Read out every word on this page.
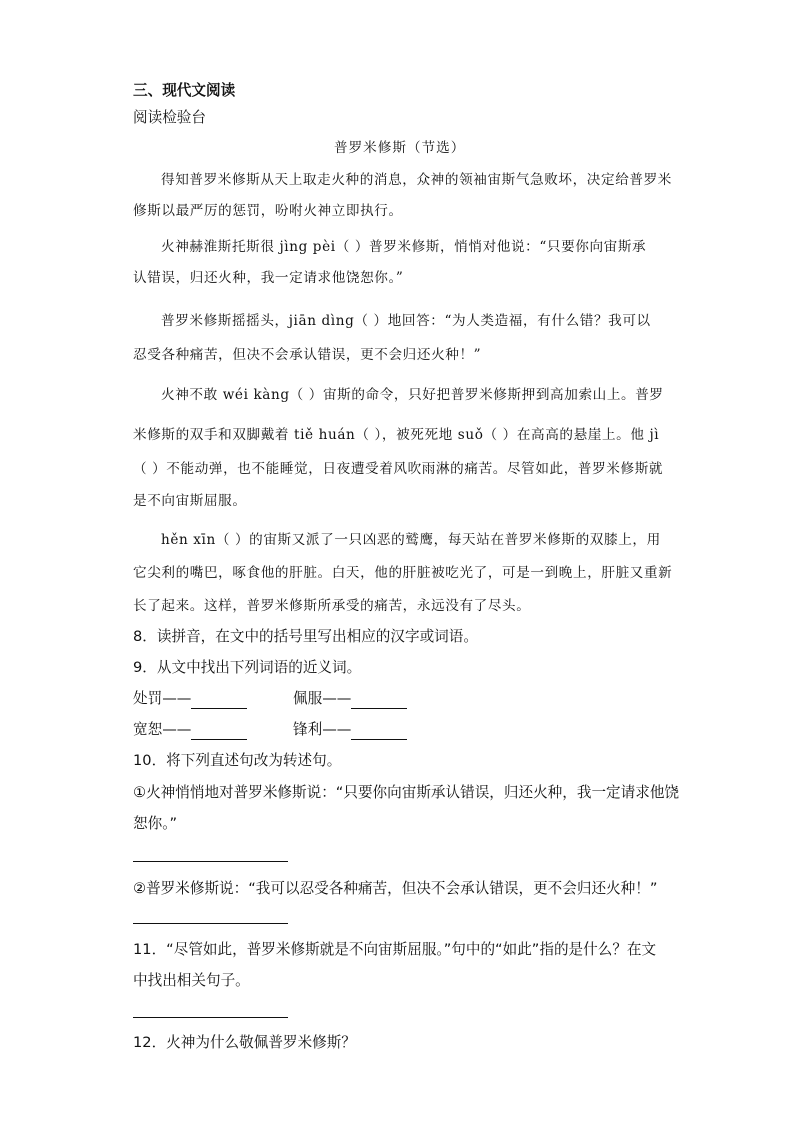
三、现代文阅读
阅读检验台
普罗米修斯（节选）
得知普罗米修斯从天上取走火种的消息，众神的领袖宙斯气急败坏，决定给普罗米
修斯以最严厉的惩罚，吩咐火神立即执行。
火神赫淮斯托斯很 jìng pèi（ ）普罗米修斯，悄悄对他说：“只要你向宙斯承
认错误，归还火种，我一定请求他饶恕你。”
普罗米修斯摇摇头，jiān dìng（ ）地回答：“为人类造福，有什么错？我可以
忍受各种痛苦，但决不会承认错误，更不会归还火种！”
火神不敢 wéi kàng（ ）宙斯的命令，只好把普罗米修斯押到高加索山上。普罗
米修斯的双手和双脚戴着 tiě huán（ ），被死死地 suǒ（ ）在高高的悬崖上。他 jì
（ ）不能动弹，也不能睡觉，日夜遭受着风吹雨淋的痛苦。尽管如此，普罗米修斯就
是不向宙斯屈服。
hěn xīn（ ）的宙斯又派了一只凶恶的鹫鹰，每天站在普罗米修斯的双膝上，用
它尖利的嘴巴，啄食他的肝脏。白天，他的肝脏被吃光了，可是一到晚上，肝脏又重新
长了起来。这样，普罗米修斯所承受的痛苦，永远没有了尽头。
8．读拼音，在文中的括号里写出相应的汉字或词语。
9．从文中找出下列词语的近义词。
处罚——	佩服——
宽恕——	锋利——
10．将下列直述句改为转述句。
①火神悄悄地对普罗米修斯说：“只要你向宙斯承认错误，归还火种，我一定请求他饶
恕你。”
②普罗米修斯说：“我可以忍受各种痛苦，但决不会承认错误，更不会归还火种！”
11．“尽管如此，普罗米修斯就是不向宙斯屈服。”句中的“如此”指的是什么？在文
中找出相关句子。
12．火神为什么敬佩普罗米修斯？
